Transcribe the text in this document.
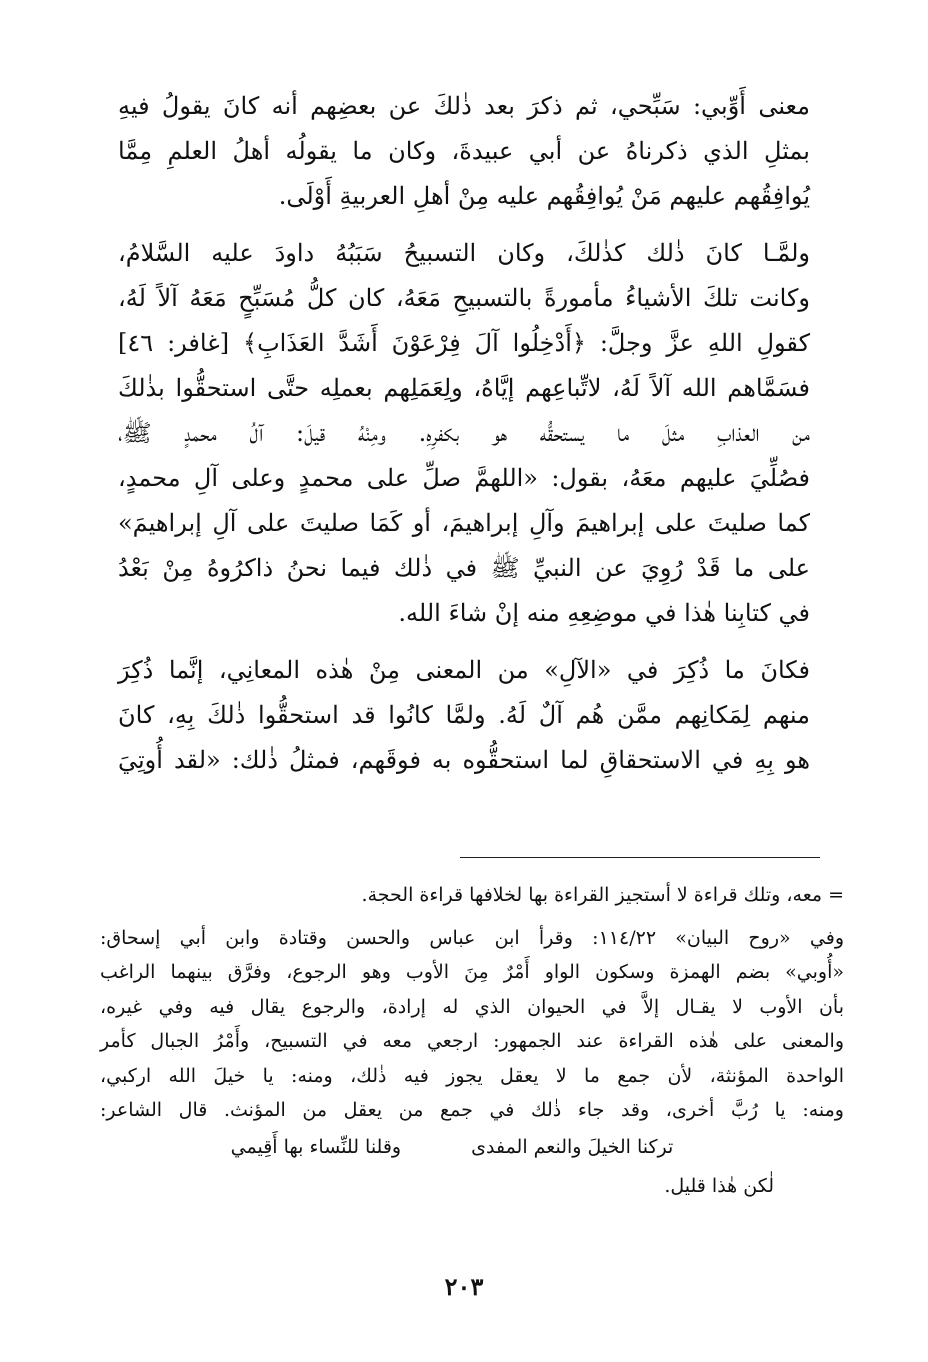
معنى أَوِّبي: سَبِّحي، ثم ذكرَ بعد ذٰلكَ عن بعضِهم أنه كانَ يقولُ فيهِ
بمثلِ الذي ذكرناهُ عن أبي عبيدةَ، وكان ما يقولُه أهلُ العلمِ مِمَّا
يُوافِقُهم عليهم مَنْ يُوافِقُهم عليه مِنْ أهلِ العربيةِ أَوْلَى.

ولمَّـا كانَ ذٰلك كذٰلكَ، وكان التسبيحُ سَبَبُهُ داودَ عليه السَّلامُ،
وكانت تلكَ الأشياءُ مأمورةً بالتسبيحِ مَعَهُ، كان كلُّ مُسَبِّحٍ مَعَهُ آلاً لَهُ،
كقولِ اللهِ عزَّ وجلَّ: ﴿أَدْخِلُوا آلَ فِرْعَوْنَ أَشَدَّ العَذَابِ﴾ [غافر: ٤٦]
فسَمَّاهم الله آلاً لَهُ، لاتِّباعِهم إيَّاهُ، ولِعَمَلِهم بعملِه حتَّى استحقُّوا بذٰلكَ
من العذابِ مثلَ ما يستحقُّه هو بكفرِهِ. ومِنْهُ قيلَ: آلُ محمدٍ ﷺ،
فصُلِّيَ عليهم معَهُ، بقول: «اللهمَّ صلِّ على محمدٍ وعلى آلِ محمدٍ،
كما صليتَ على إبراهيمَ وآلِ إبراهيمَ، أو كَمَا صليتَ على آلِ إبراهيمَ»
على ما قَدْ رُوِيَ عن النبيِّ ﷺ في ذٰلك فيما نحنُ ذاكرُوهُ مِنْ بَعْدُ
في كتابِنا هٰذا في موضِعِهِ منه إنْ شاءَ الله.

فكانَ ما ذُكِرَ في «الآلِ» من المعنى مِنْ هٰذه المعانِي، إنَّما ذُكِرَ
منهم لِمَكانِهم ممَّن هُم آلٌ لَهُ. ولمَّا كانُوا قد استحقُّوا ذٰلكَ بِهِ، كانَ
هو بِهِ في الاستحقاقِ لما استحقُّوه به فوقَهم، فمثلُ ذٰلك: «لقد أُوتِيَ

= معه، وتلك قراءة لا أستجيز القراءة بها لخلافها قراءة الحجة.
وفي «روح البيان» ١١٤/٢٢: وقرأ ابن عباس والحسن وقتادة وابن أبي إسحاق:
«أُوبي» بضم الهمزة وسكون الواو أَمْرٌ مِنَ الأوب وهو الرجوع، وفرَّق بينهما الراغب
بأن الأوب لا يقـال إلاَّ في الحيوان الذي له إرادة، والرجوع يقال فيه وفي غيره،
والمعنى على هٰذه القراءة عند الجمهور: ارجعي معه في التسبيح، وأَمْرُ الجبال كأمر
الواحدة المؤنثة، لأن جمع ما لا يعقل يجوز فيه ذٰلك، ومنه: يا خيلَ الله اركبي،
ومنه: يا رُبَّ أخرى، وقد جاء ذٰلك في جمع من يعقل من المؤنث. قال الشاعر:
تركنا الخيلَ والنعم المفدى
وقلنا للنِّساء بها أَقِيمي
لٰكن هٰذا قليل.
٢٠٣
